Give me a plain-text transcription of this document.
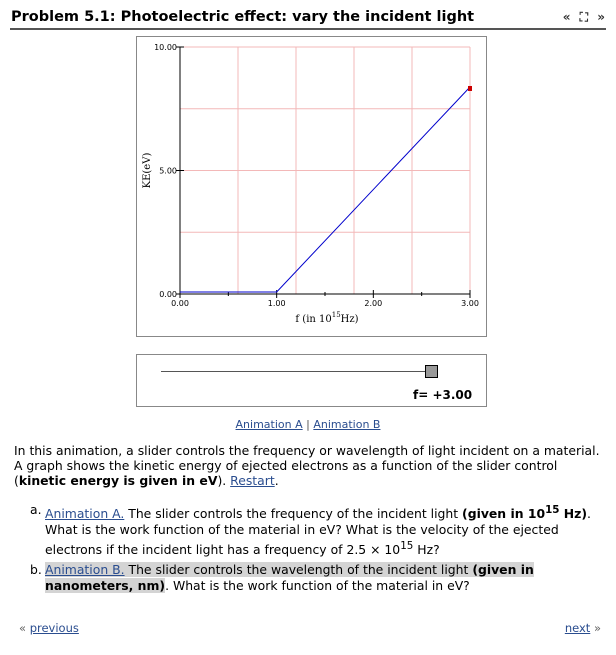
Problem 5.1: Photoelectric effect: vary the incident light	« ⛶ »
0.00
5.00
10.00
0.00	1.00	2.00	3.00
KE(eV)
f (in $10^{15}Hz$)
f= +3.00
Animation A | Animation B

In this animation, a slider controls the frequency or wavelength of light incident on a material. A graph shows the kinetic energy of ejected electrons as a function of the slider control (kinetic energy is given in eV). Restart.

a. Animation A. The slider controls the frequency of the incident light (given in $10^{15}$ Hz). What is the work function of the material in eV? What is the velocity of the ejected electrons if the incident light has a frequency of $2.5 \times 10^{15}$ Hz?
b. Animation B. The slider controls the wavelength of the incident light (given in nanometers, nm). What is the work function of the material in eV?
« previous	next »
